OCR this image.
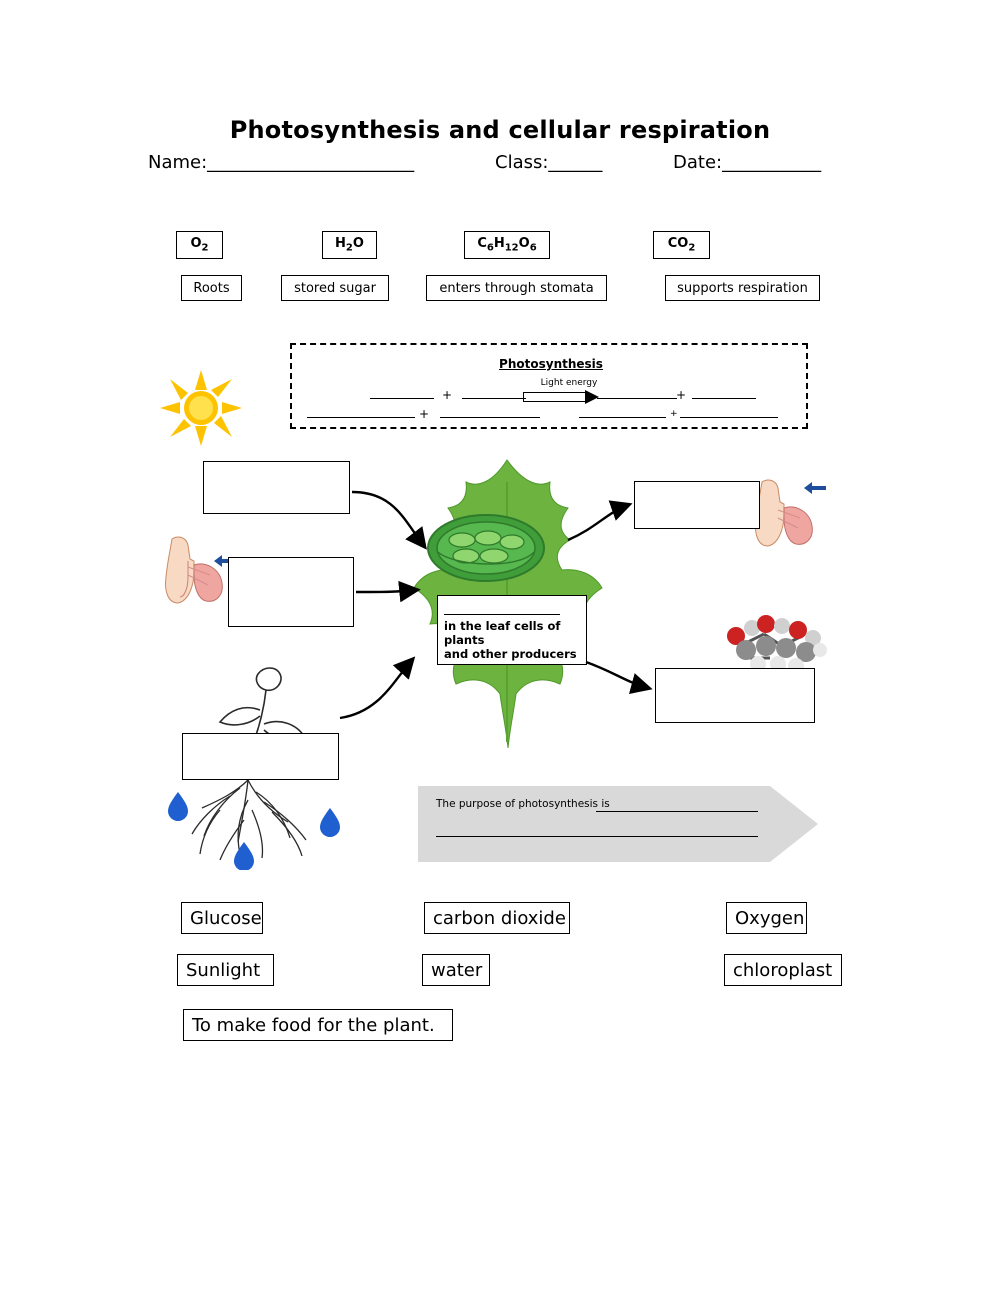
Photosynthesis and cellular respiration
Name:_______________________	Class:______	Date:___________
$O_2$	$H_2O$	$C_6H_{12}O_6$	$CO_2$
Roots	stored sugar	enters through stomata	supports respiration
Photosynthesis
Light energy
+	+
+	+
in the leaf cells of plants
and other producers
The purpose of photosynthesis is
Glucose	carbon dioxide	Oxygen
Sunlight	water	chloroplast
To make food for the plant.
